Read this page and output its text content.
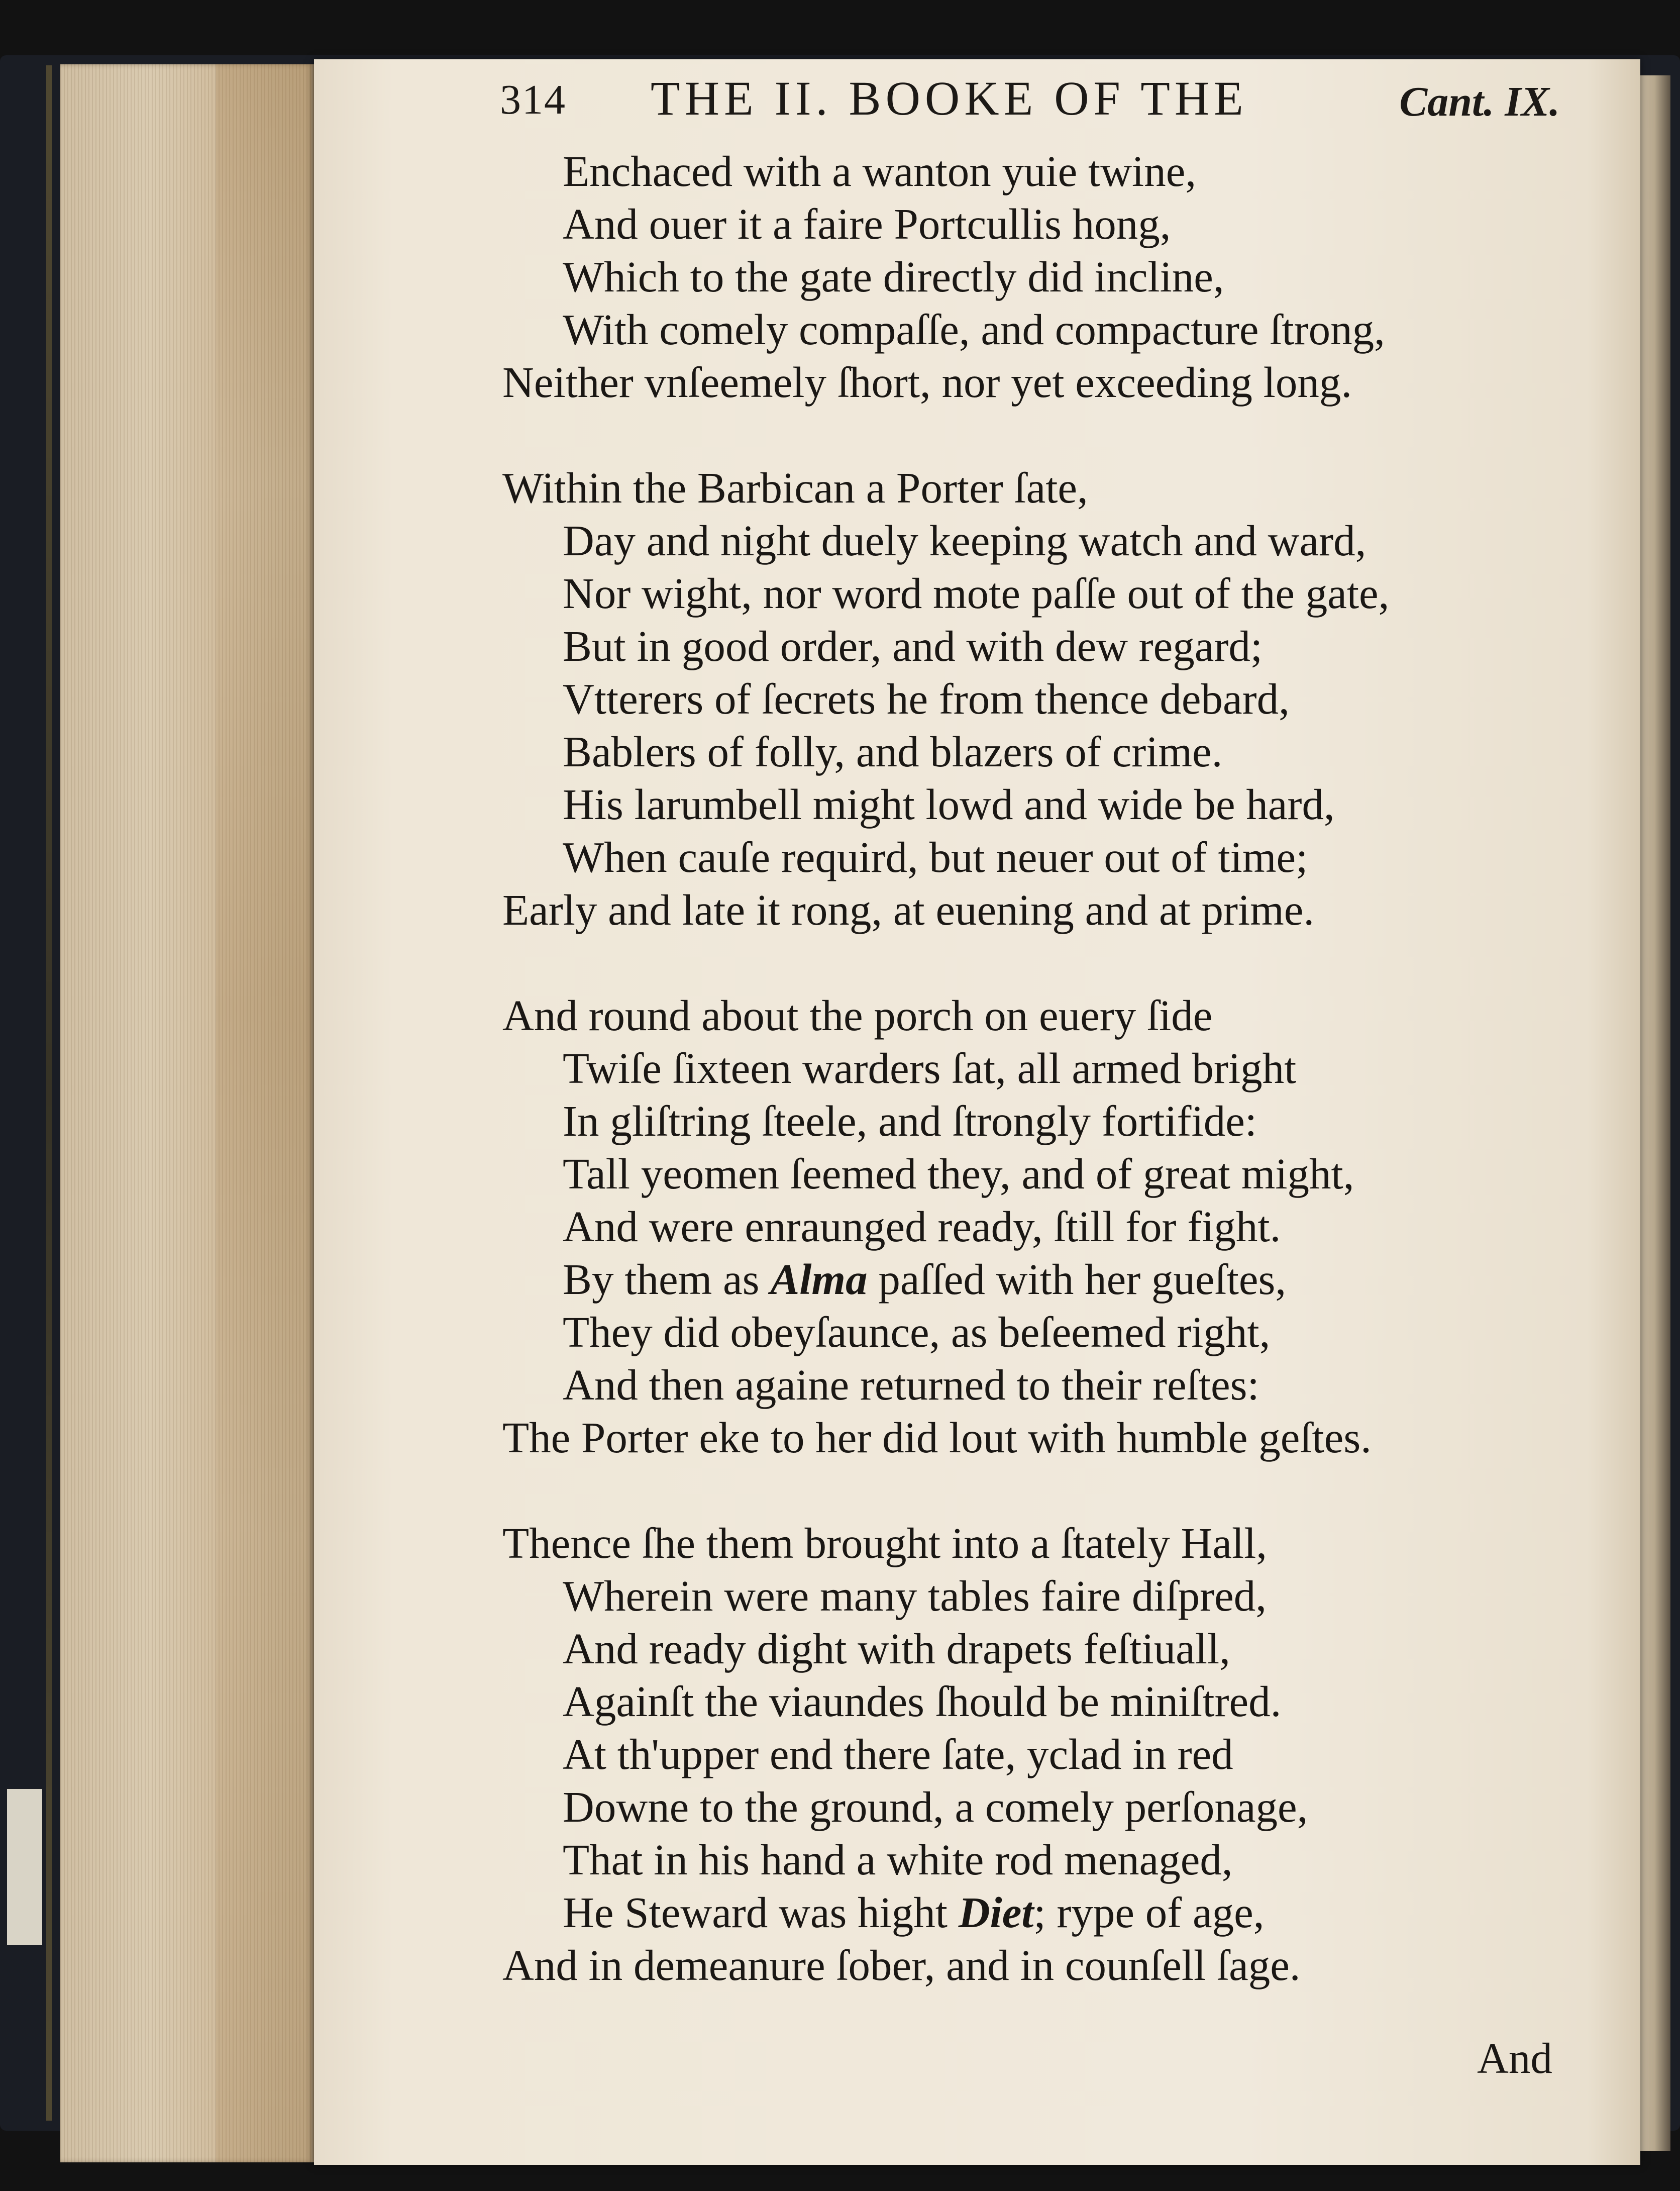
314 THE II. BOOKE OF THE	Cant. IX.
Enchaced with a wanton yuie twine,
And ouer it a faire Portcullis hong,
Which to the gate directly did incline,
With comely compaſſe, and compacture ſtrong,
Neither vnſeemely ſhort, nor yet exceeding long.
Within the Barbican a Porter ſate,
Day and night duely keeping watch and ward,
Nor wight, nor word mote paſſe out of the gate,
But in good order, and with dew regard;
Vtterers of ſecrets he from thence debard,
Bablers of folly, and blazers of crime.
His larumbell might lowd and wide be hard,
When cauſe requird, but neuer out of time;
Early and late it rong, at euening and at prime.
And round about the porch on euery ſide
Twiſe ſixteen warders ſat, all armed bright
In gliſtring ſteele, and ſtrongly fortifide:
Tall yeomen ſeemed they, and of great might,
And were enraunged ready, ſtill for fight.
By them as Alma paſſed with her gueſtes,
They did obeyſaunce, as beſeemed right,
And then againe returned to their reſtes:
The Porter eke to her did lout with humble geſtes.
Thence ſhe them brought into a ſtately Hall,
Wherein were many tables faire diſpred,
And ready dight with drapets feſtiuall,
Againſt the viaundes ſhould be miniſtred.
At th'upper end there ſate, yclad in red
Downe to the ground, a comely perſonage,
That in his hand a white rod menaged,
He Steward was hight Diet; rype of age,
And in demeanure ſober, and in counſell ſage.
And
